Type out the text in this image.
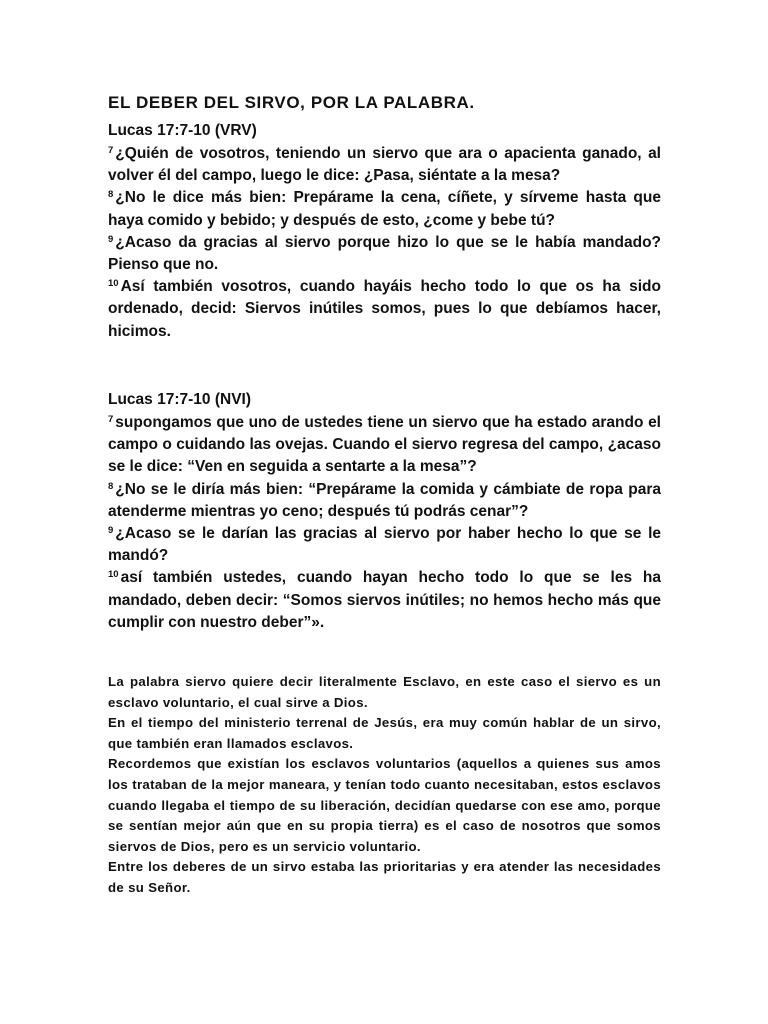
EL DEBER DEL SIRVO, POR LA PALABRA.

Lucas 17:7-10 (VRV)

$^7$ ¿Quién de vosotros, teniendo un siervo que ara o apacienta ganado, al volver él del campo, luego le dice: ¿Pasa, siéntate a la mesa?

$^8$ ¿No le dice más bien: Prepárame la cena, cíñete, y sírveme hasta que haya comido y bebido; y después de esto, ¿come y bebe tú?

$^9$ ¿Acaso da gracias al siervo porque hizo lo que se le había mandado? Pienso que no.

$^{10}$ Así también vosotros, cuando hayáis hecho todo lo que os ha sido ordenado, decid: Siervos inútiles somos, pues lo que debíamos hacer, hicimos.

Lucas 17:7-10 (NVI)

$^7$ supongamos que uno de ustedes tiene un siervo que ha estado arando el campo o cuidando las ovejas. Cuando el siervo regresa del campo, ¿acaso se le dice: “Ven en seguida a sentarte a la mesa”?

$^8$ ¿No se le diría más bien: “Prepárame la comida y cámbiate de ropa para atenderme mientras yo ceno; después tú podrás cenar”?

$^9$ ¿Acaso se le darían las gracias al siervo por haber hecho lo que se le mandó?

$^{10}$ así también ustedes, cuando hayan hecho todo lo que se les ha mandado, deben decir: “Somos siervos inútiles; no hemos hecho más que cumplir con nuestro deber”».

La palabra siervo quiere decir literalmente Esclavo, en este caso el siervo es un esclavo voluntario, el cual sirve a Dios.

En el tiempo del ministerio terrenal de Jesús, era muy común hablar de un sirvo, que también eran llamados esclavos.

Recordemos que existían los esclavos voluntarios (aquellos a quienes sus amos los trataban de la mejor maneara, y tenían todo cuanto necesitaban, estos esclavos cuando llegaba el tiempo de su liberación, decidían quedarse con ese amo, porque se sentían mejor aún que en su propia tierra) es el caso de nosotros que somos siervos de Dios, pero es un servicio voluntario.

Entre los deberes de un sirvo estaba las prioritarias y era atender las necesidades de su Señor.
